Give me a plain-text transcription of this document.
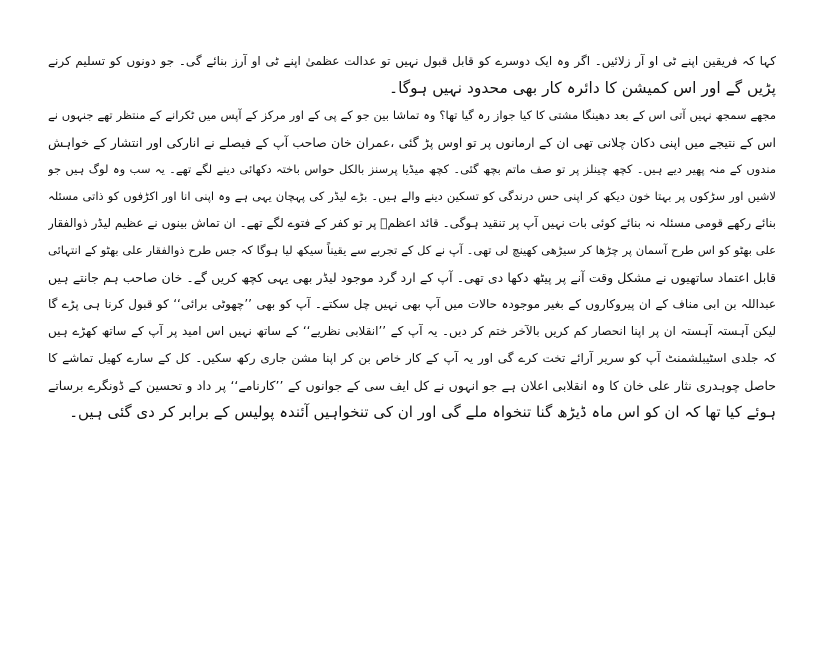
کہا کہ فریقین اپنے ٹی او آر زلائیں۔ اگر وہ ایک دوسرے کو قابل قبول نہیں تو عدالت عظمیٰ اپنے ٹی او آرز بنائے گی۔ جو دونوں کو تسلیم کرنے
پڑیں گے اور اس کمیشن کا دائرہ کار بھی محدود نہیں ہوگا۔
مجھے سمجھ نہیں آتی اس کے بعد دھینگا مشتی کا کیا جواز رہ گیا تھا؟ وہ تماشا بین جو کے پی کے اور مرکز کے آپس میں ٹکرانے کے منتظر تھے جنہوں نے
اس کے نتیجے میں اپنی دکان چلانی تھی ان کے ارمانوں پر تو اوس پڑ گئی ،عمران خان صاحب آپ کے فیصلے نے انارکی اور انتشار کے خواہش
مندوں کے منہ پھیر دیے ہیں۔ کچھ چینلز پر تو صف ماتم بچھ گئی۔ کچھ میڈیا پرسنز بالکل حواس باختہ دکھائی دینے لگے تھے۔ یہ سب وہ لوگ ہیں جو
لاشیں اور سڑکوں پر بہتا خون دیکھ کر اپنی حس درندگی کو تسکین دینے والے ہیں۔ بڑے لیڈر کی پہچان یہی ہے وہ اپنی انا اور اکڑفوں کو ذاتی مسئلہ
بنائے رکھے قومی مسئلہ نہ بنائے کوئی بات نہیں آپ پر تنقید ہوگی۔ قائد اعظمؒ پر تو کفر کے فتوے لگے تھے۔ ان تماش بینوں نے عظیم لیڈر ذوالفقار
علی بھٹو کو اس طرح آسمان پر چڑھا کر سیڑھی کھینچ لی تھی۔ آپ نے کل کے تجربے سے یقیناً سیکھ لیا ہوگا کہ جس طرح ذوالفقار علی بھٹو کے انتہائی
قابل اعتماد ساتھیوں نے مشکل وقت آنے پر پیٹھ دکھا دی تھی۔ آپ کے ارد گرد موجود لیڈر بھی یہی کچھ کریں گے۔ خان صاحب ہم جانتے ہیں
عبداللہ بن ابی مناف کے ان پیروکاروں کے بغیر موجودہ حالات میں آپ بھی نہیں چل سکتے۔ آپ کو بھی ’’چھوٹی برائی‘‘ کو قبول کرنا ہی پڑے گا
لیکن آہستہ آہستہ ان پر اپنا انحصار کم کریں بالآخر ختم کر دیں۔ یہ آپ کے ’’انقلابی نظریے‘‘ کے ساتھ نہیں اس امید پر آپ کے ساتھ کھڑے ہیں
کہ جلدی اسٹیبلشمنٹ آپ کو سریر آرائے تخت کرے گی اور یہ آپ کے کار خاص بن کر اپنا مشن جاری رکھ سکیں۔ کل کے سارے کھیل تماشے کا
حاصل چوہدری نثار علی خان کا وہ انقلابی اعلان ہے جو انہوں نے کل ایف سی کے جوانوں کے ’’کارنامے‘‘ پر داد و تحسین کے ڈونگرے برساتے
ہوئے کیا تھا کہ ان کو اس ماہ ڈیڑھ گنا تنخواہ ملے گی اور ان کی تنخواہیں آئندہ پولیس کے برابر کر دی گئی ہیں۔
